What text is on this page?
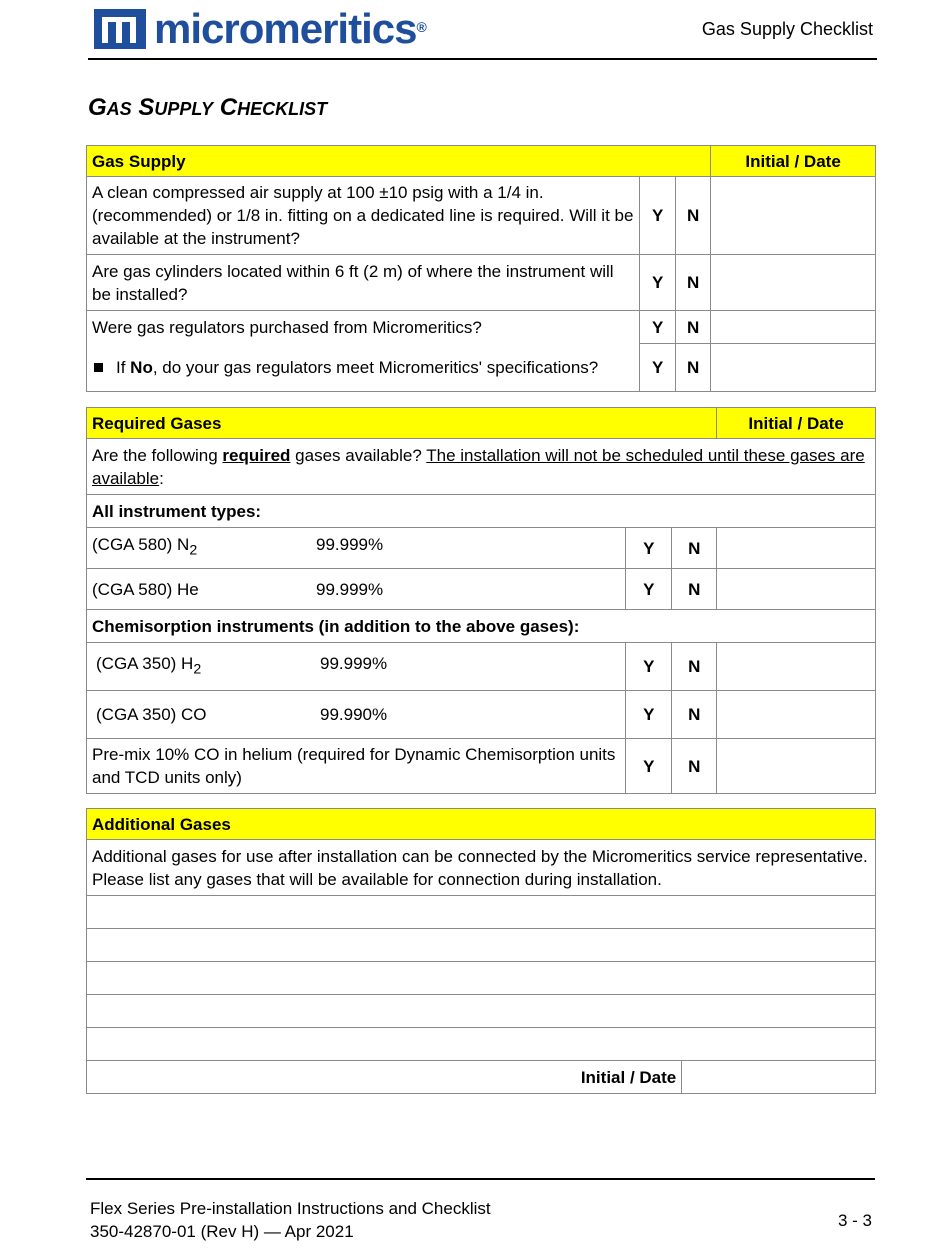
micromeritics®	Gas Supply Checklist
GAS SUPPLY CHECKLIST
Gas Supply			Initial / Date
A clean compressed air supply at 100 ±10 psig with a 1/4 in. (recommended) or 1/8 in. fitting on a dedicated line is required. Will it be available at the instrument?	Y	N	
Are gas cylinders located within 6 ft (2 m) of where the instrument will be installed?	Y	N	
Were gas regulators purchased from Micromeritics?	Y	N	
If No, do your gas regulators meet Micromeritics' specifications?	Y	N	
Required Gases			Initial / Date
Are the following required gases available? The installation will not be scheduled until these gases are available:			
All instrument types:			
(CGA 580) $N_2$ 99.999%	Y	N	
(CGA 580) He 99.999%	Y	N	
Chemisorption instruments (in addition to the above gases):			
(CGA 350) $H_2$ 99.999%	Y	N	
(CGA 350) CO 99.990%	Y	N	
Pre-mix 10% CO in helium (required for Dynamic Chemisorption units and TCD units only)	Y	N	
Additional Gases
Additional gases for use after installation can be connected by the Micromeritics service representative. Please list any gases that will be available for connection during installation.

Initial / Date	
Flex Series Pre-installation Instructions and Checklist
350-42870-01 (Rev H) — Apr 2021
3 - 3
